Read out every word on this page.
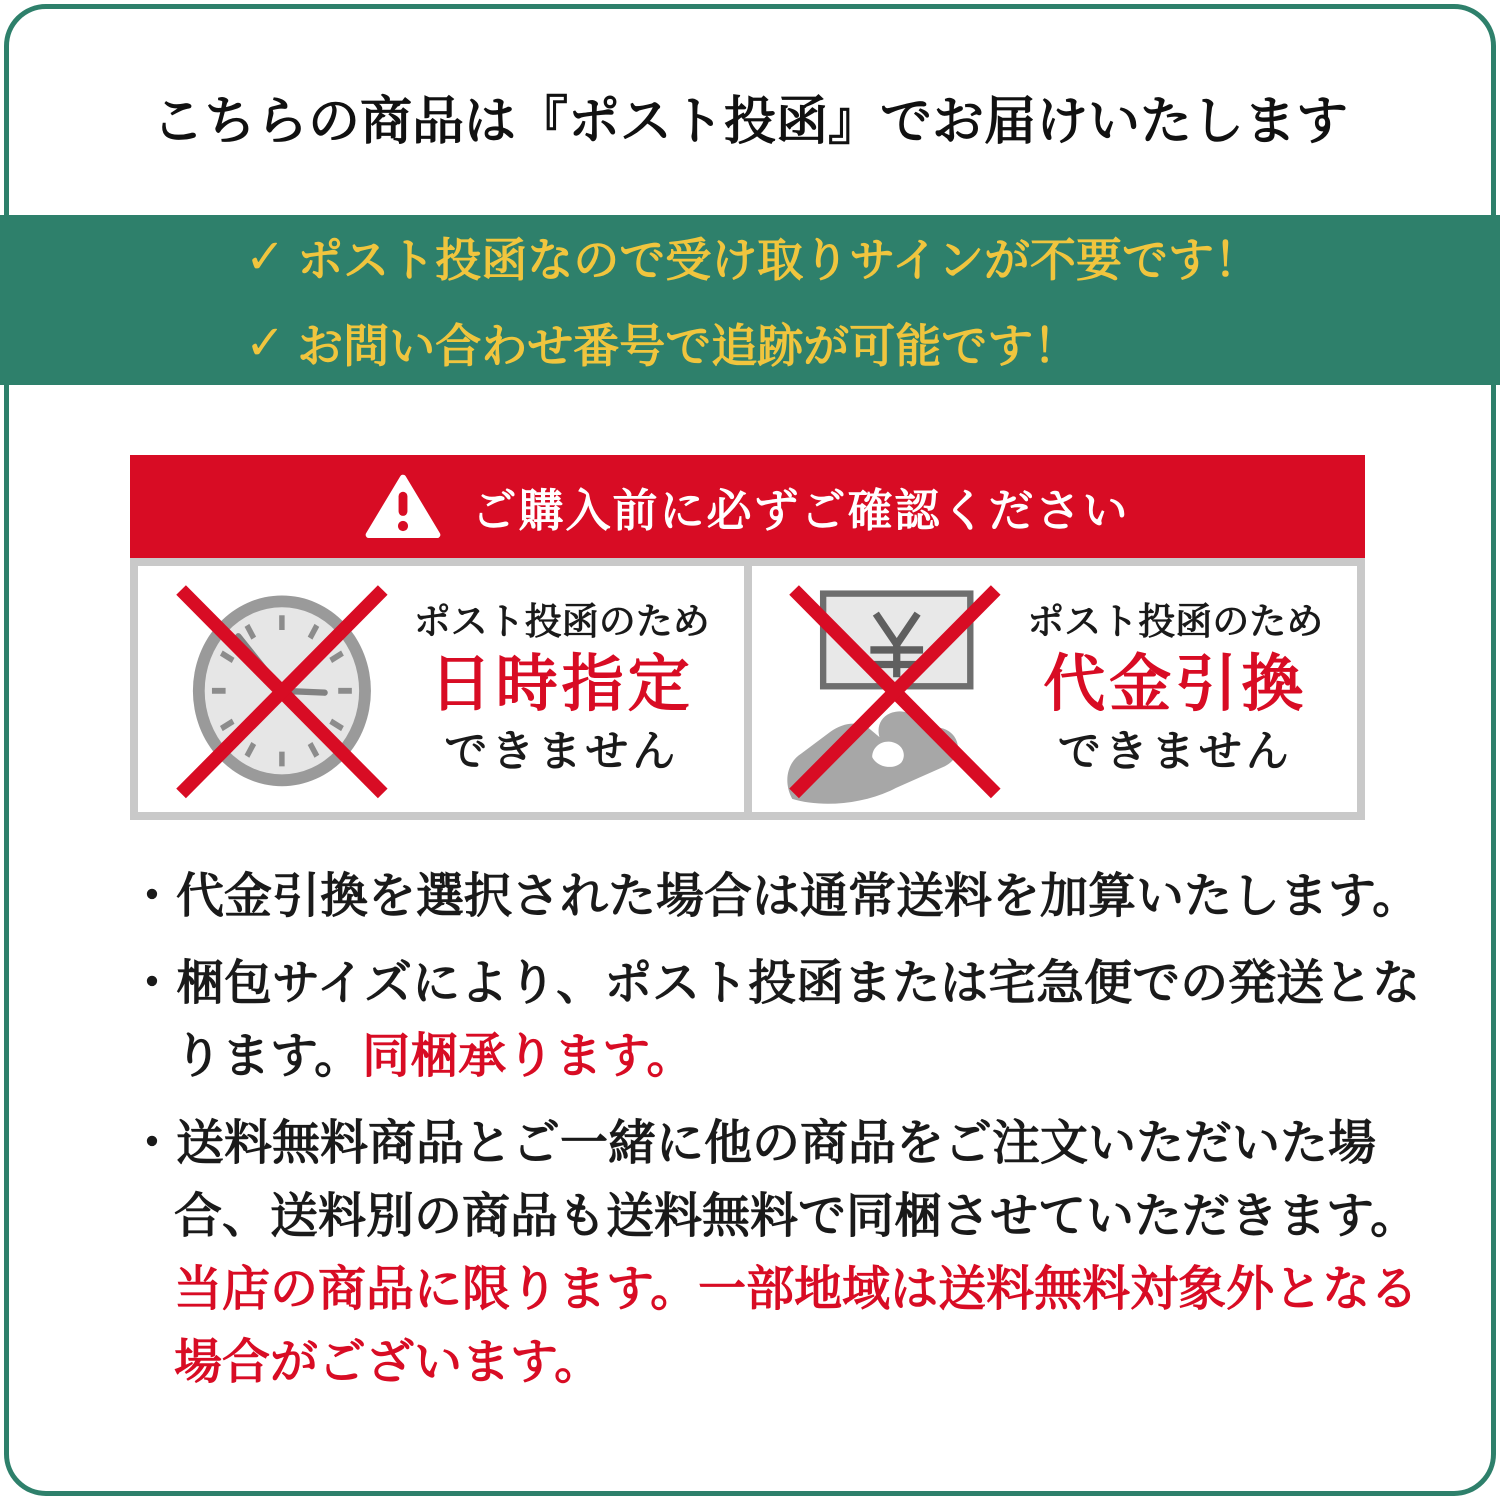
こちらの商品は『ポスト投函』でお届けいたします
✓ ポスト投函なので受け取りサインが不要です！
✓ お問い合わせ番号で追跡が可能です！
ご購入前に必ずご確認ください
ポスト投函のため
日時指定
できません
ポスト投函のため
代金引換
できません
・代金引換を選択された場合は通常送料を加算いたします。
・梱包サイズにより、ポスト投函または宅急便での発送とな
ります。同梱承ります。
・送料無料商品とご一緒に他の商品をご注文いただいた場
合、送料別の商品も送料無料で同梱させていただきます。
当店の商品に限ります。一部地域は送料無料対象外となる
場合がございます。
